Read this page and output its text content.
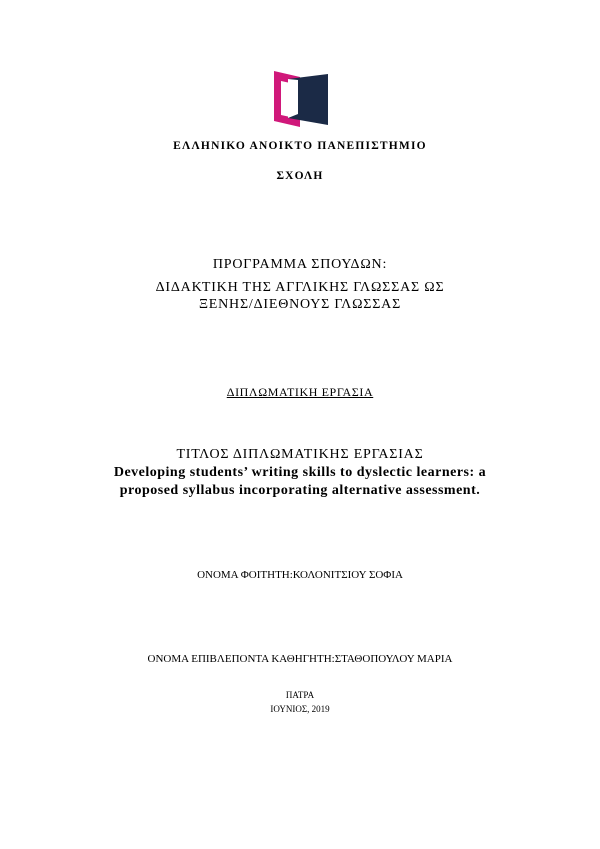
ΕΛΛΗΝΙΚΟ ΑΝΟΙΚΤΟ ΠΑΝΕΠΙΣΤΗΜΙΟ

ΣΧΟΛΗ

ΠΡΟΓΡΑΜΜΑ ΣΠΟΥΔΩΝ:

ΔΙΔΑΚΤΙΚΗ ΤΗΣ ΑΓΓΛΙΚΗΣ ΓΛΩΣΣΑΣ ΩΣ

ΞΕΝΗΣ/ΔΙΕΘΝΟΥΣ ΓΛΩΣΣΑΣ

ΔΙΠΛΩΜΑΤΙΚΗ ΕΡΓΑΣΙΑ

ΤΙΤΛΟΣ ΔΙΠΛΩΜΑΤΙΚΗΣ ΕΡΓΑΣΙΑΣ

Developing students’ writing skills to dyslectic learners: a

proposed syllabus incorporating alternative assessment.

ΟΝΟΜΑ ΦΟΙΤΗΤΗ:ΚΟΛΟΝΙΤΣΙΟΥ ΣΟΦΙΑ

ΟΝΟΜΑ ΕΠΙΒΛΕΠΟΝΤΑ ΚΑΘΗΓΗΤΗ:ΣΤΑΘΟΠΟΥΛΟΥ ΜΑΡΙΑ

ΠΑΤΡΑ

ΙΟΥΝΙΟΣ, 2019
